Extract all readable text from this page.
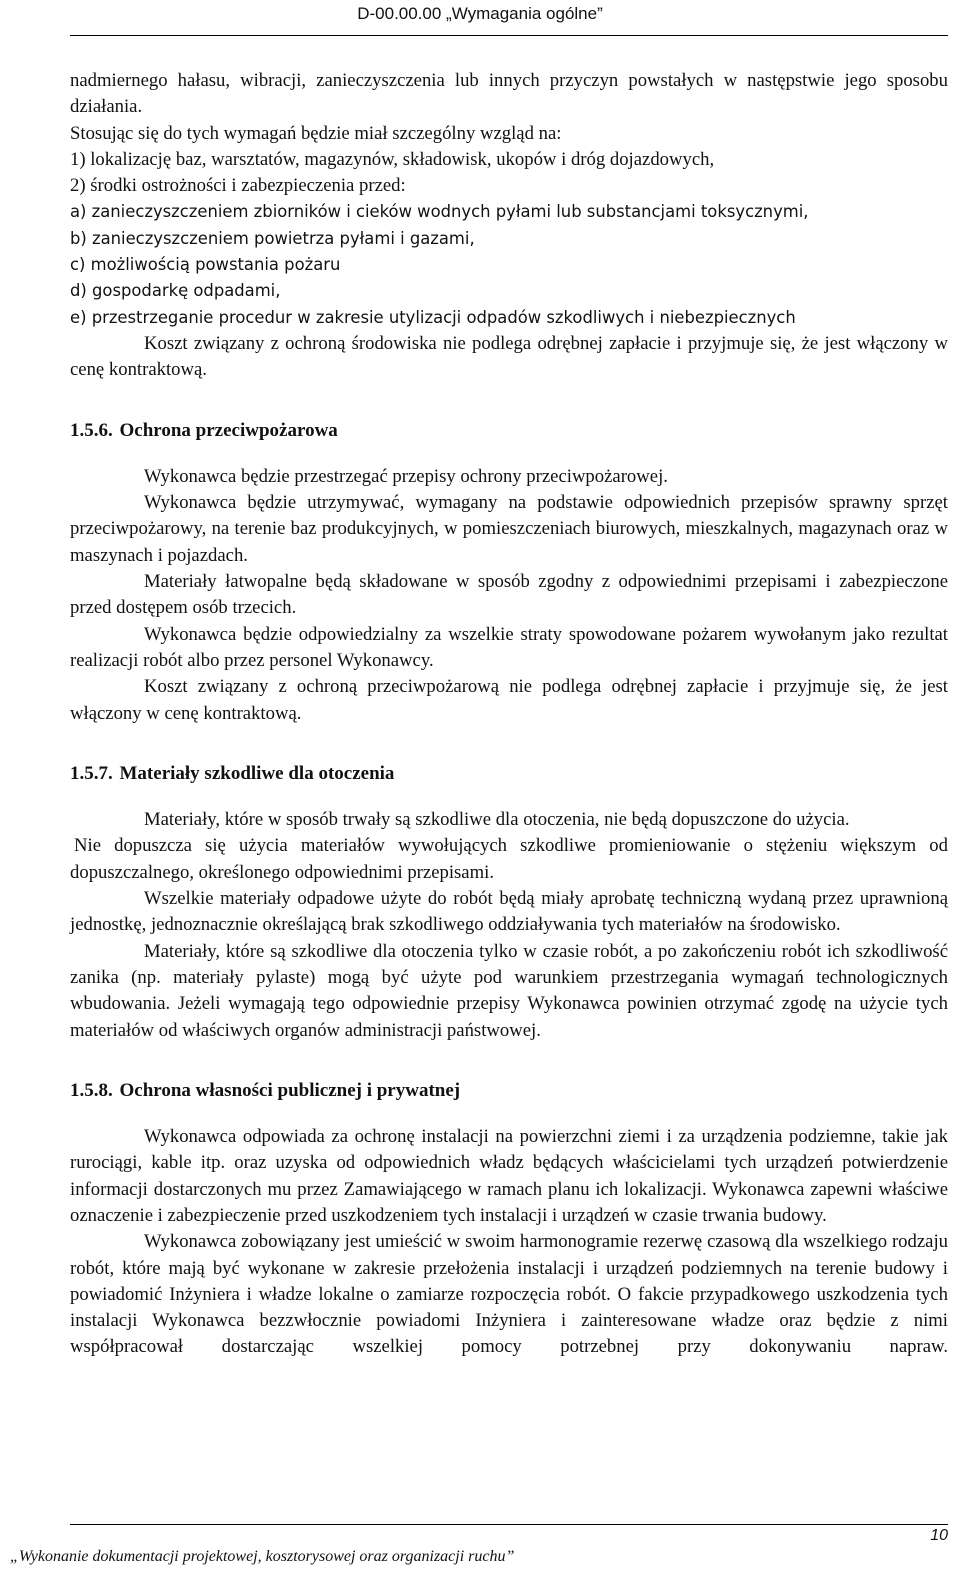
D-00.00.00 „Wymagania ogólne”

nadmiernego hałasu, wibracji, zanieczyszczenia lub innych przyczyn powstałych w następstwie jego sposobu działania.

Stosując się do tych wymagań będzie miał szczególny wzgląd na:

1) lokalizację baz, warsztatów, magazynów, składowisk, ukopów i dróg dojazdowych,

2) środki ostrożności i zabezpieczenia przed:

a) zanieczyszczeniem zbiorników i cieków wodnych pyłami lub substancjami toksycznymi,

b) zanieczyszczeniem powietrza pyłami i gazami,

c) możliwością powstania pożaru

d) gospodarkę odpadami,

e) przestrzeganie procedur w zakresie utylizacji odpadów szkodliwych i niebezpiecznych

Koszt związany z ochroną środowiska nie podlega odrębnej zapłacie i przyjmuje się, że jest włączony w cenę kontraktową.

1.5.6. Ochrona przeciwpożarowa

Wykonawca będzie przestrzegać przepisy ochrony przeciwpożarowej.

Wykonawca będzie utrzymywać, wymagany na podstawie odpowiednich przepisów sprawny sprzęt przeciwpożarowy, na terenie baz produkcyjnych, w pomieszczeniach biurowych, mieszkalnych, magazynach oraz w maszynach i pojazdach.

Materiały łatwopalne będą składowane w sposób zgodny z odpowiednimi przepisami i zabezpieczone przed dostępem osób trzecich.

Wykonawca będzie odpowiedzialny za wszelkie straty spowodowane pożarem wywołanym jako rezultat realizacji robót albo przez personel Wykonawcy.

Koszt związany z ochroną przeciwpożarową nie podlega odrębnej zapłacie i przyjmuje się, że jest włączony w cenę kontraktową.

1.5.7. Materiały szkodliwe dla otoczenia

Materiały, które w sposób trwały są szkodliwe dla otoczenia, nie będą dopuszczone do użycia.

Nie dopuszcza się użycia materiałów wywołujących szkodliwe promieniowanie o stężeniu większym od dopuszczalnego, określonego odpowiednimi przepisami.

Wszelkie materiały odpadowe użyte do robót będą miały aprobatę techniczną wydaną przez uprawnioną jednostkę, jednoznacznie określającą brak szkodliwego oddziaływania tych materiałów na środowisko.

Materiały, które są szkodliwe dla otoczenia tylko w czasie robót, a po zakończeniu robót ich szkodliwość zanika (np. materiały pylaste) mogą być użyte pod warunkiem przestrzegania wymagań technologicznych wbudowania. Jeżeli wymagają tego odpowiednie przepisy Wykonawca powinien otrzymać zgodę na użycie tych materiałów od właściwych organów administracji państwowej.

1.5.8. Ochrona własności publicznej i prywatnej

Wykonawca odpowiada za ochronę instalacji na powierzchni ziemi i za urządzenia podziemne, takie jak rurociągi, kable itp. oraz uzyska od odpowiednich władz będących właścicielami tych urządzeń potwierdzenie informacji dostarczonych mu przez Zamawiającego w ramach planu ich lokalizacji. Wykonawca zapewni właściwe oznaczenie i zabezpieczenie przed uszkodzeniem tych instalacji i urządzeń w czasie trwania budowy.

Wykonawca zobowiązany jest umieścić w swoim harmonogramie rezerwę czasową dla wszelkiego rodzaju robót, które mają być wykonane w zakresie przełożenia instalacji i urządzeń podziemnych na terenie budowy i powiadomić Inżyniera i władze lokalne o zamiarze rozpoczęcia robót. O fakcie przypadkowego uszkodzenia tych instalacji Wykonawca bezzwłocznie powiadomi Inżyniera i zainteresowane władze oraz będzie z nimi współpracował dostarczając wszelkiej pomocy potrzebnej przy dokonywaniu napraw.

10
„Wykonanie dokumentacji projektowej, kosztorysowej oraz organizacji ruchu”
